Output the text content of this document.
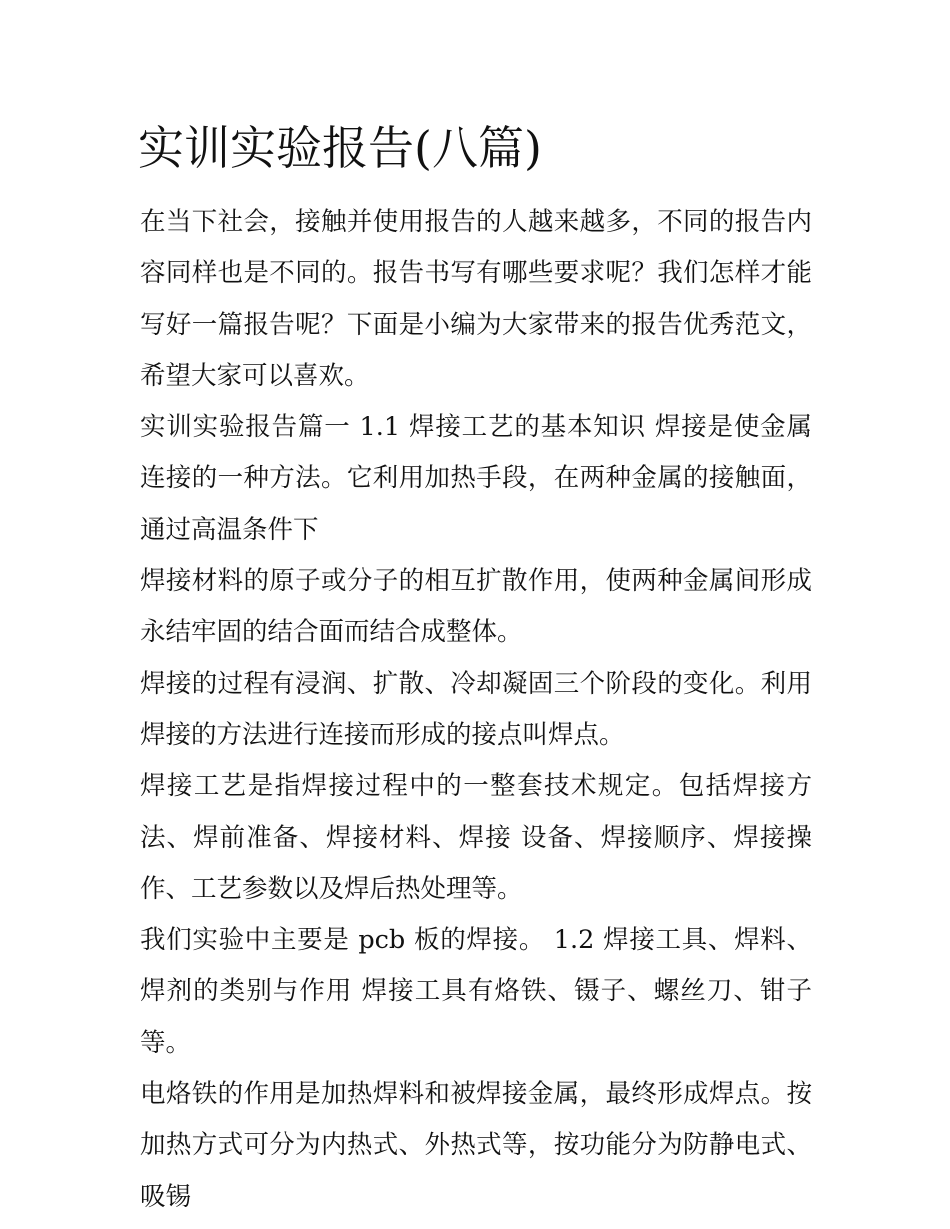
实训实验报告(八篇)

在当下社会，接触并使用报告的人越来越多，不同的报告内容同样也是不同的。报告书写有哪些要求呢？我们怎样才能写好一篇报告呢？下面是小编为大家带来的报告优秀范文，希望大家可以喜欢。

实训实验报告篇一 1.1 焊接工艺的基本知识 焊接是使金属连接的一种方法。它利用加热手段，在两种金属的接触面，通过高温条件下

焊接材料的原子或分子的相互扩散作用，使两种金属间形成永结牢固的结合面而结合成整体。

焊接的过程有浸润、扩散、冷却凝固三个阶段的变化。利用焊接的方法进行连接而形成的接点叫焊点。

焊接工艺是指焊接过程中的一整套技术规定。包括焊接方法、焊前准备、焊接材料、焊接 设备、焊接顺序、焊接操作、工艺参数以及焊后热处理等。

我们实验中主要是 pcb 板的焊接。 1.2 焊接工具、焊料、焊剂的类别与作用 焊接工具有烙铁、镊子、螺丝刀、钳子等。

电烙铁的作用是加热焊料和被焊接金属，最终形成焊点。按加热方式可分为内热式、外热式等，按功能分为防静电式、吸锡
